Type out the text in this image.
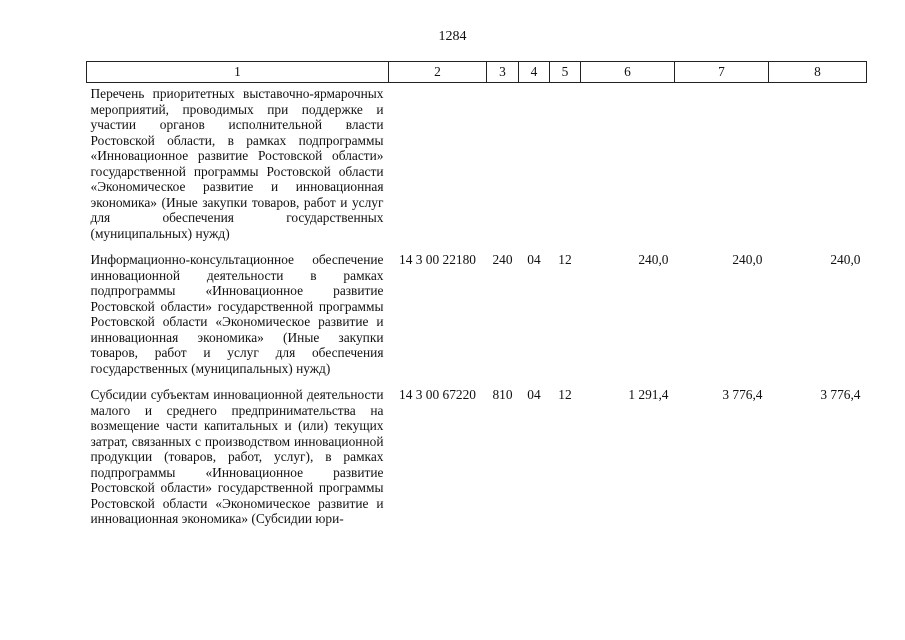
1284
1	2	3	4	5	6	7	8
Перечень приоритетных выставочно-ярмарочных мероприятий, проводимых при поддержке и участии органов исполнительной власти Ростовской области, в рамках подпрограммы «Инновационное развитие Ростовской области» государственной программы Ростовской области «Экономическое развитие и инновационная экономика» (Иные закупки товаров, работ и услуг для обеспечения государственных (муниципальных) нужд)							
Информационно-консультационное обеспечение инновационной деятельности в рамках подпрограммы «Инновационное развитие Ростовской области» государственной программы Ростовской области «Экономическое развитие и инновационная экономика» (Иные закупки товаров, работ и услуг для обеспечения государственных (муниципальных) нужд)	14 3 00 22180	240	04	12	240,0	240,0	240,0
Субсидии субъектам инновационной деятельности малого и среднего предпринимательства на возмещение части капитальных и (или) текущих затрат, связанных с производством инновационной продукции (товаров, работ, услуг), в рамках подпрограммы «Инновационное развитие Ростовской области» государственной программы Ростовской области «Экономическое развитие и инновационная экономика» (Субсидии юри-	14 3 00 67220	810	04	12	1 291,4	3 776,4	3 776,4
